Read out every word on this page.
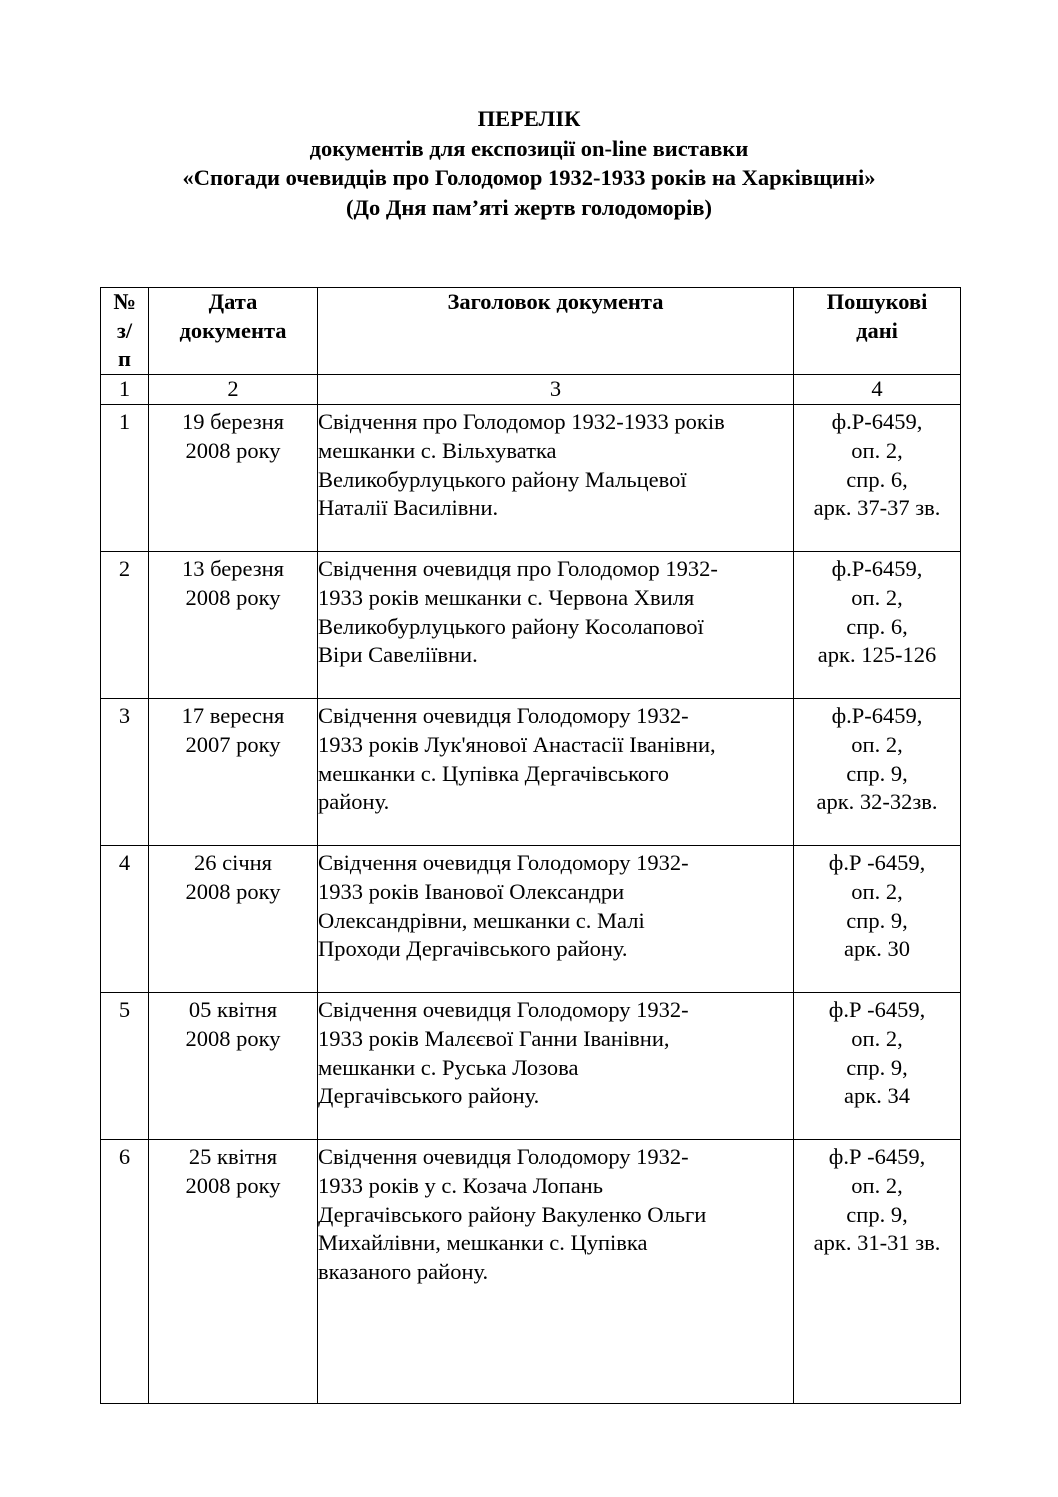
ПЕРЕЛІК
документів для експозиції on-line виставки
«Спогади очевидців про Голодомор 1932-1933 років на Харківщині»
(До Дня пам’яті жертв голодоморів)
№
з/
п	Дата
документа	Заголовок документа	Пошукові
дані

1	2	3	4

1	19 березня
2008 року	Свідчення про Голодомор 1932-1933 років
мешканки с. Вільхуватка
Великобурлуцького району Мальцевої
Наталії Василівни.	ф.Р-6459,
оп. 2,
спр. 6,
арк. 37-37 зв.

2	13 березня
2008 року	Свідчення очевидця про Голодомор 1932-
1933 років мешканки с. Червона Хвиля
Великобурлуцького району Косолапової
Віри Савеліївни.	ф.Р-6459,
оп. 2,
спр. 6,
арк. 125-126

3	17 вересня
2007 року	Свідчення очевидця Голодомору 1932-
1933 років Лук'янової Анастасії Іванівни,
мешканки с. Цупівка Дергачівського
району.	ф.Р-6459,
оп. 2,
спр. 9,
арк. 32-32зв.

4	26 січня
2008 року	Свідчення очевидця Голодомору 1932-
1933 років Іванової Олександри
Олександрівни, мешканки с. Малі
Проходи Дергачівського району.	ф.Р -6459,
оп. 2,
спр. 9,
арк. 30

5	05 квітня
2008 року	Свідчення очевидця Голодомору 1932-
1933 років Малєєвої Ганни Іванівни,
мешканки с. Руська Лозова
Дергачівського району.	ф.Р -6459,
оп. 2,
спр. 9,
арк. 34

6	25 квітня
2008 року	Свідчення очевидця Голодомору 1932-
1933 років у с. Козача Лопань
Дергачівського району Вакуленко Ольги
Михайлівни, мешканки с. Цупівка
вказаного району.	ф.Р -6459,
оп. 2,
спр. 9,
арк. 31-31 зв.
